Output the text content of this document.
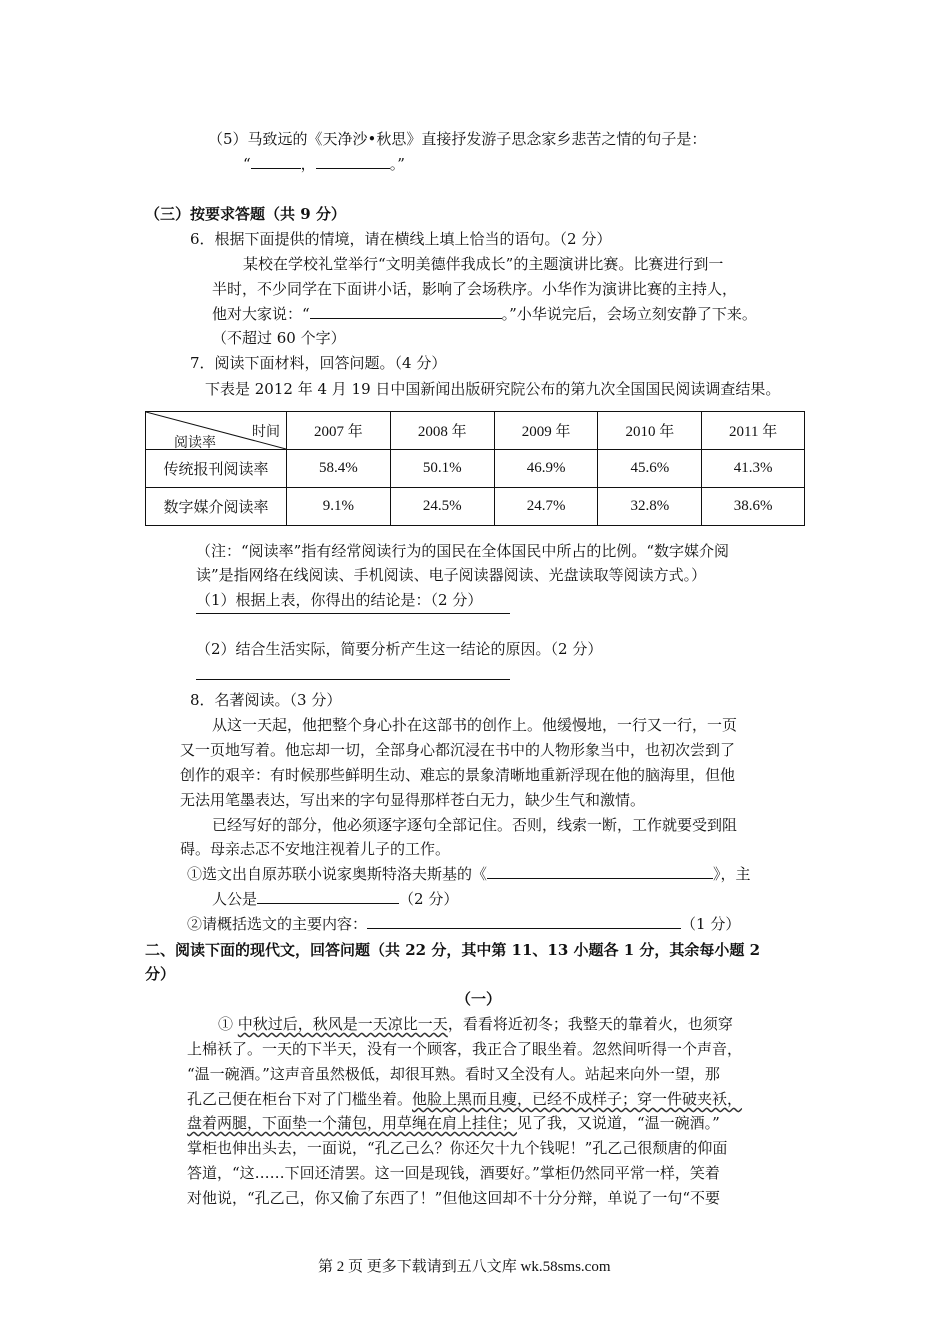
（5）马致远的《天净沙•秋思》直接抒发游子思念家乡悲苦之情的句子是：
“	，	。”
（三）按要求答题（共 9 分）
6．根据下面提供的情境，请在横线上填上恰当的语句。（2 分）
某校在学校礼堂举行“文明美德伴我成长”的主题演讲比赛。比赛进行到一
半时，不少同学在下面讲小话，影响了会场秩序。小华作为演讲比赛的主持人，
他对大家说：“	。”小华说完后，会场立刻安静了下来。
（不超过 60 个字）
7．阅读下面材料，回答问题。（4 分）
下表是 2012 年 4 月 19 日中国新闻出版研究院公布的第九次全国国民阅读调查结果。
时间
阅读率	2007 年	2008 年	2009 年	2010 年	2011 年
传统报刊阅读率	58.4%	50.1%	46.9%	45.6%	41.3%
数字媒介阅读率	9.1%	24.5%	24.7%	32.8%	38.6%
（注：“阅读率”指有经常阅读行为的国民在全体国民中所占的比例。“数字媒介阅
读”是指网络在线阅读、手机阅读、电子阅读器阅读、光盘读取等阅读方式。）
（1）根据上表，你得出的结论是：（2 分）
（2）结合生活实际，简要分析产生这一结论的原因。（2 分）
8．名著阅读。（3 分）
从这一天起，他把整个身心扑在这部书的创作上。他缓慢地，一行又一行，一页
又一页地写着。他忘却一切，全部身心都沉浸在书中的人物形象当中，也初次尝到了
创作的艰辛：有时候那些鲜明生动、难忘的景象清晰地重新浮现在他的脑海里，但他
无法用笔墨表达，写出来的字句显得那样苍白无力，缺少生气和激情。
已经写好的部分，他必须逐字逐句全部记住。否则，线索一断，工作就要受到阻
碍。母亲忐忑不安地注视着儿子的工作。
①选文出自原苏联小说家奥斯特洛夫斯基的《	》，主
人公是	（2 分）
②请概括选文的主要内容：	（1 分）
二、阅读下面的现代文，回答问题（共 22 分，其中第 11、13 小题各 1 分，其余每小题 2
分）
（一）
① 中秋过后，秋风是一天凉比一天，看看将近初冬；我整天的靠着火，也须穿
上棉袄了。一天的下半天，没有一个顾客，我正合了眼坐着。忽然间听得一个声音，
“温一碗酒。”这声音虽然极低，却很耳熟。看时又全没有人。站起来向外一望，那
孔乙己便在柜台下对了门槛坐着。他脸上黑而且瘦，已经不成样子；穿一件破夹袄，
盘着两腿，下面垫一个蒲包，用草绳在肩上挂住；见了我，又说道，“温一碗酒。”
掌柜也伸出头去，一面说，“孔乙己么？你还欠十九个钱呢！”孔乙己很颓唐的仰面
答道，“这……下回还清罢。这一回是现钱，酒要好。”掌柜仍然同平常一样，笑着
对他说，“孔乙己，你又偷了东西了！”但他这回却不十分分辩，单说了一句“不要
第 2 页 更多下载请到五八文库 wk.58sms.com
